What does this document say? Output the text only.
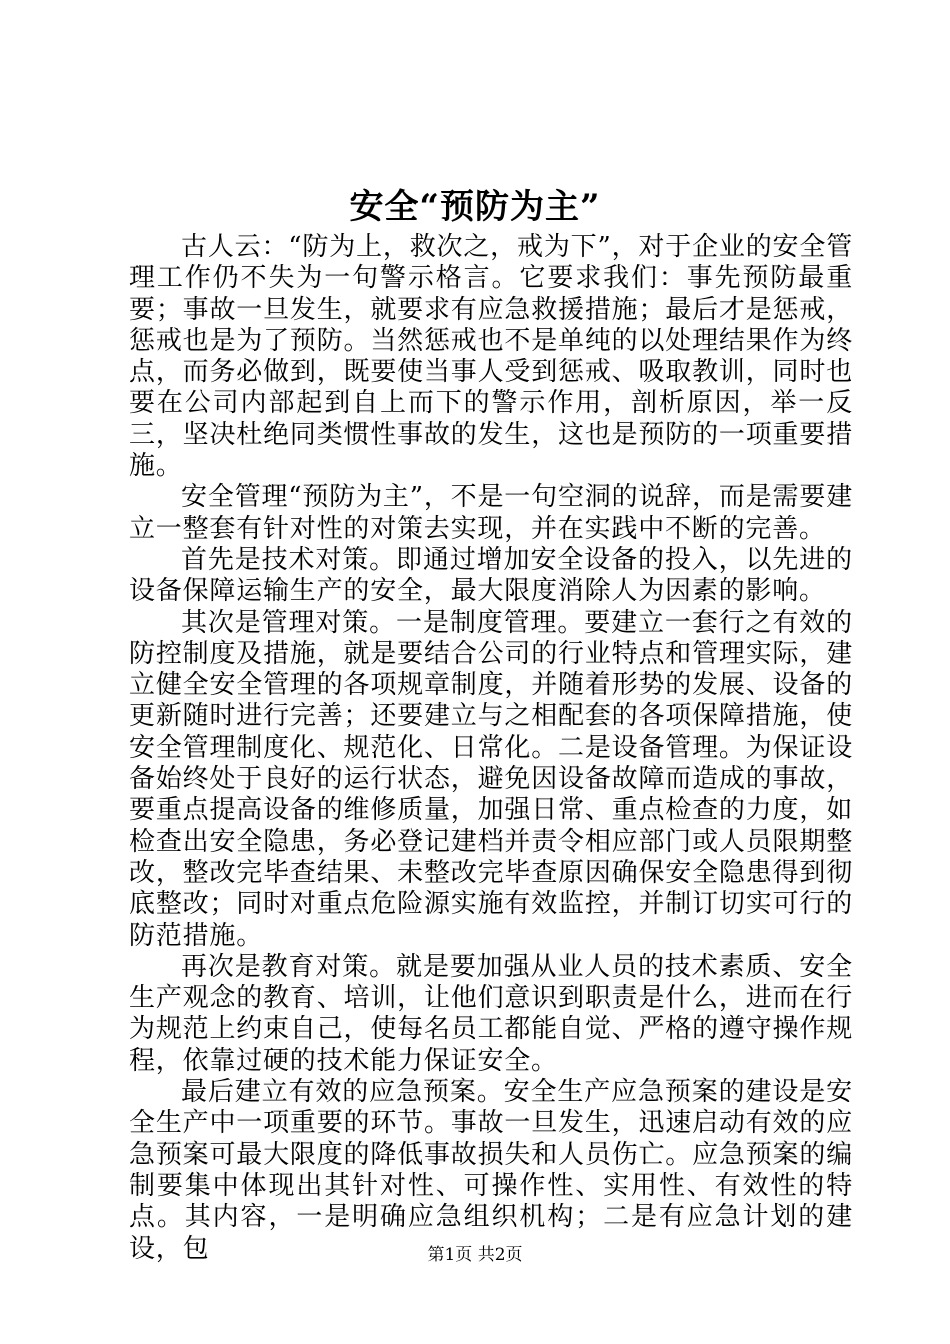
安全“预防为主”

古人云：“防为上，救次之，戒为下”，对于企业的安全管理工作仍不失为一句警示格言。它要求我们：事先预防最重要；事故一旦发生，就要求有应急救援措施；最后才是惩戒，惩戒也是为了预防。当然惩戒也不是单纯的以处理结果作为终点，而务必做到，既要使当事人受到惩戒、吸取教训，同时也要在公司内部起到自上而下的警示作用，剖析原因，举一反三，坚决杜绝同类惯性事故的发生，这也是预防的一项重要措施。

安全管理“预防为主”，不是一句空洞的说辞，而是需要建立一整套有针对性的对策去实现，并在实践中不断的完善。

首先是技术对策。即通过增加安全设备的投入，以先进的设备保障运输生产的安全，最大限度消除人为因素的影响。

其次是管理对策。一是制度管理。要建立一套行之有效的防控制度及措施，就是要结合公司的行业特点和管理实际，建立健全安全管理的各项规章制度，并随着形势的发展、设备的更新随时进行完善；还要建立与之相配套的各项保障措施，使安全管理制度化、规范化、日常化。二是设备管理。为保证设备始终处于良好的运行状态，避免因设备故障而造成的事故，要重点提高设备的维修质量，加强日常、重点检查的力度，如检查出安全隐患，务必登记建档并责令相应部门或人员限期整改，整改完毕查结果、未整改完毕查原因确保安全隐患得到彻底整改；同时对重点危险源实施有效监控，并制订切实可行的防范措施。

再次是教育对策。就是要加强从业人员的技术素质、安全生产观念的教育、培训，让他们意识到职责是什么，进而在行为规范上约束自己，使每名员工都能自觉、严格的遵守操作规程，依靠过硬的技术能力保证安全。

最后建立有效的应急预案。安全生产应急预案的建设是安全生产中一项重要的环节。事故一旦发生，迅速启动有效的应急预案可最大限度的降低事故损失和人员伤亡。应急预案的编制要集中体现出其针对性、可操作性、实用性、有效性的特点。其内容，一是明确应急组织机构；二是有应急计划的建设，包	第1页 共2页
